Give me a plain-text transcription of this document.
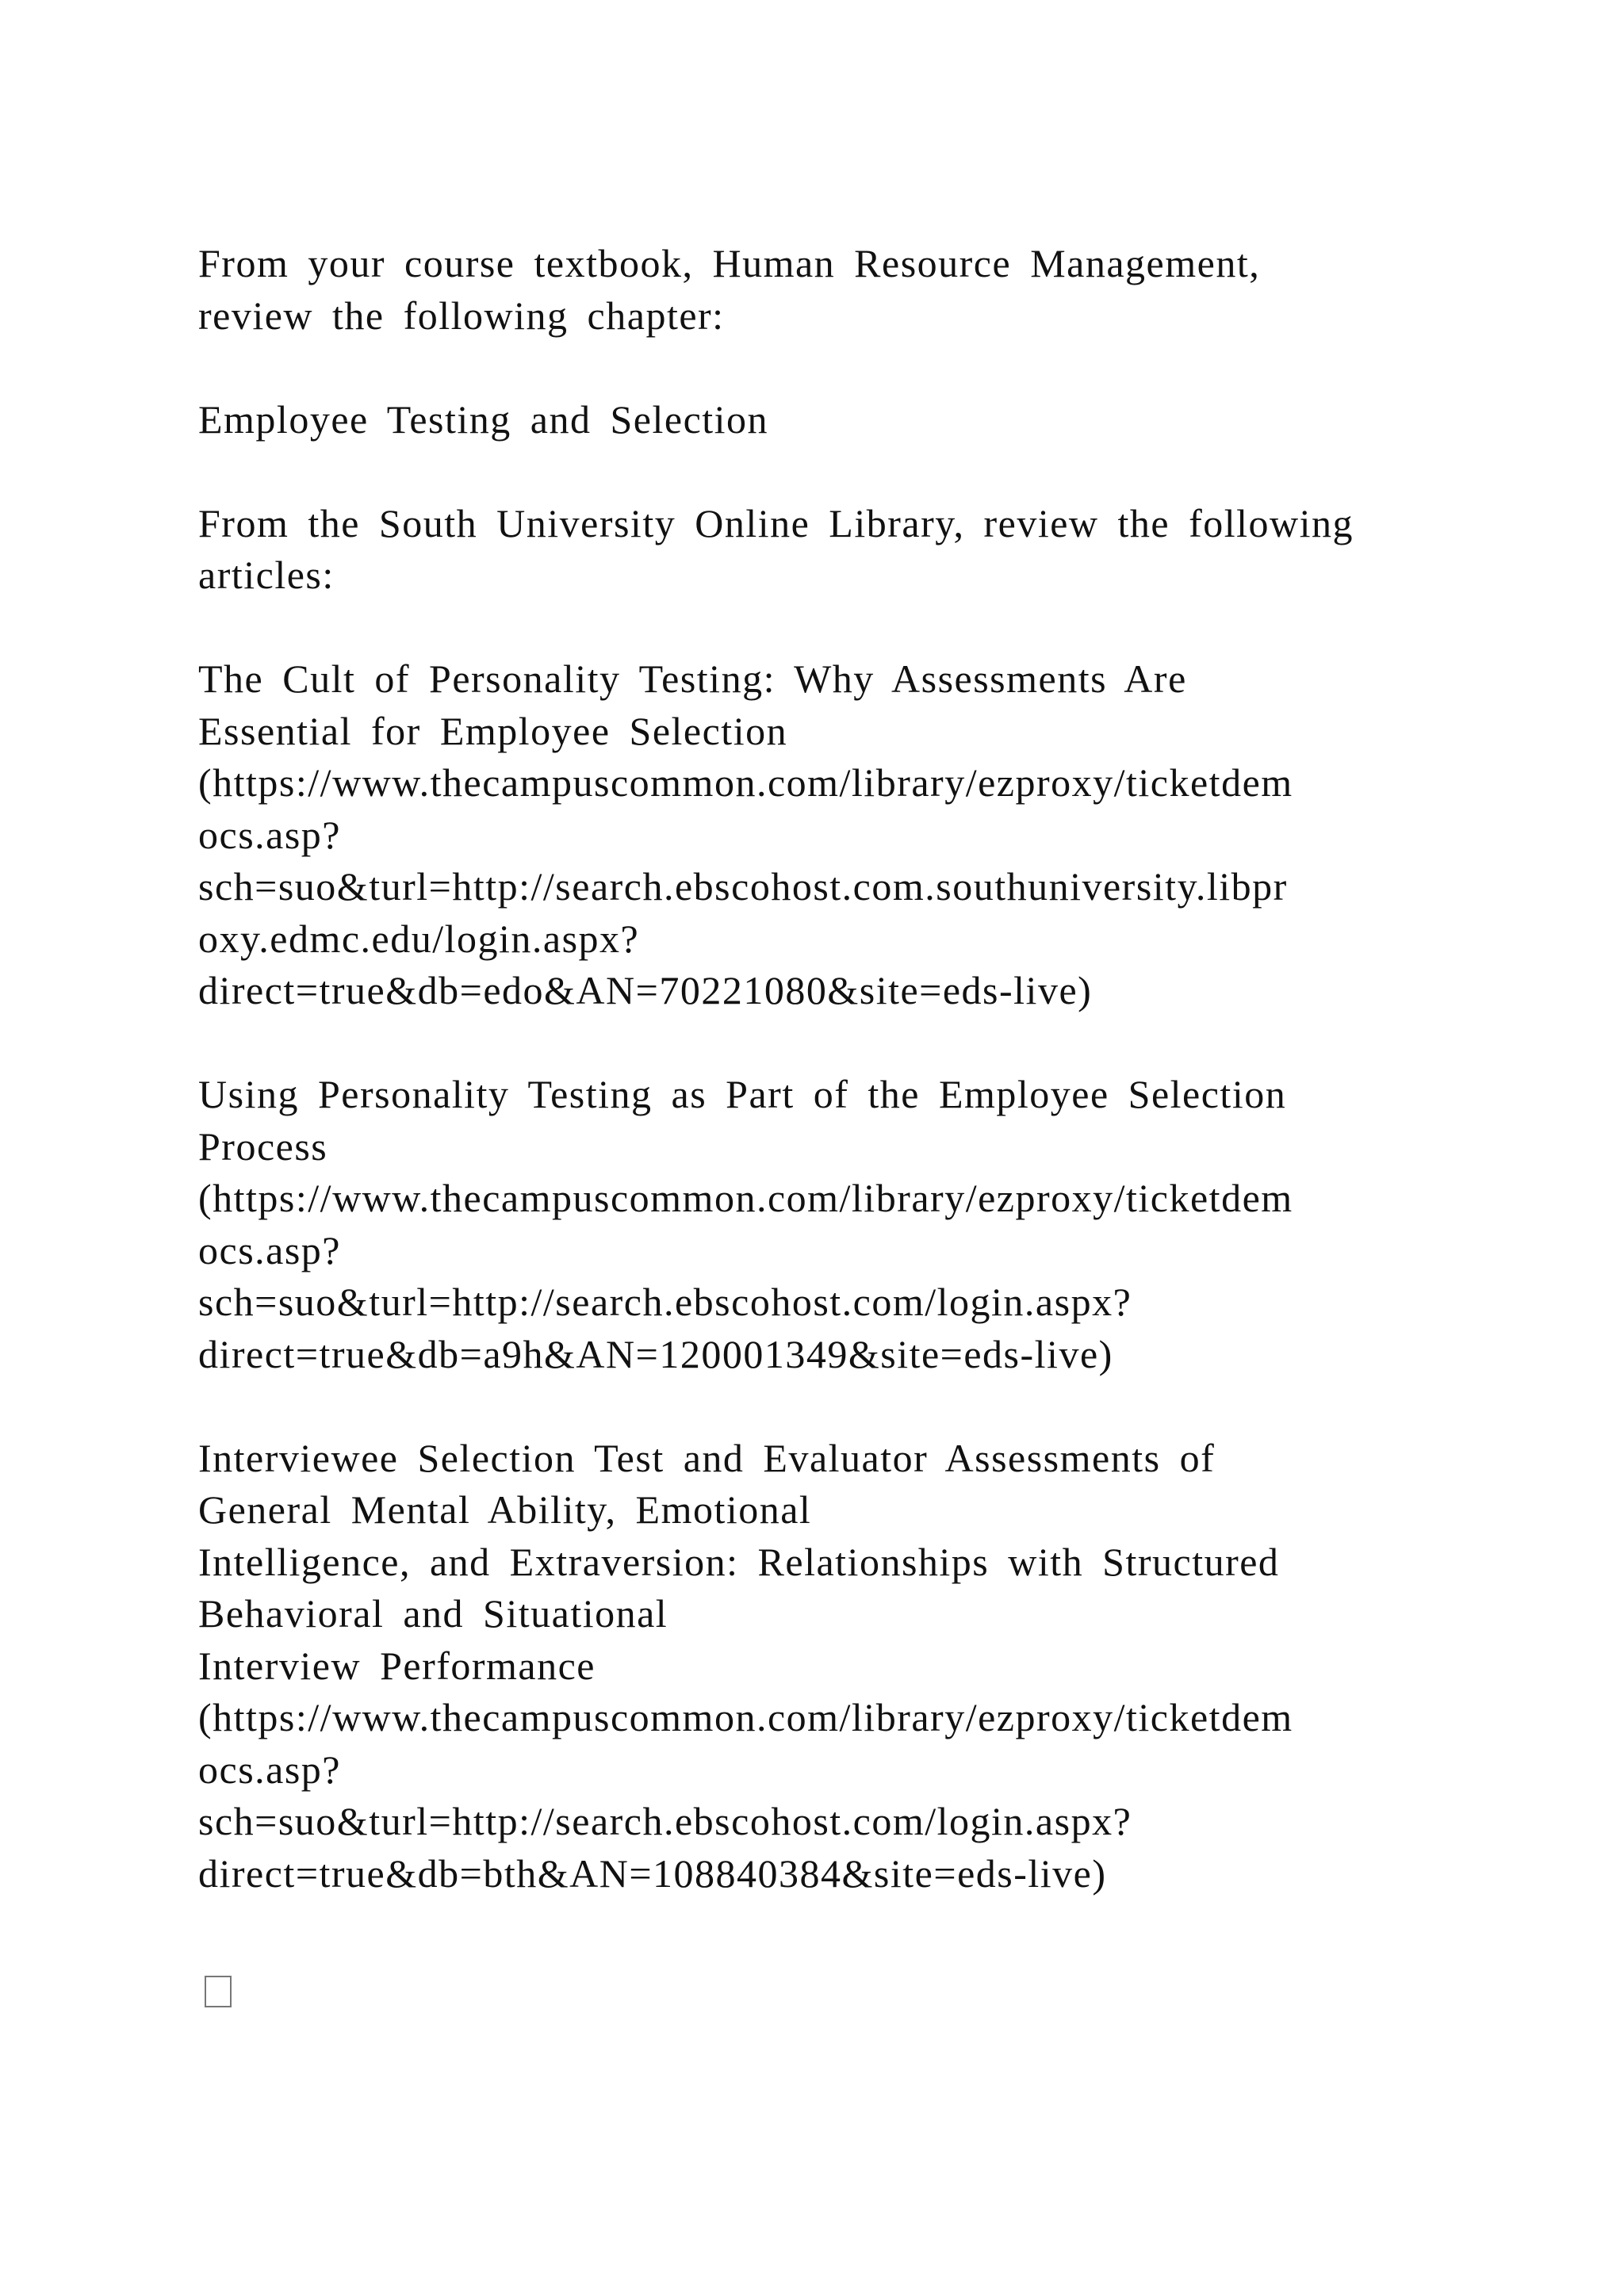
From your course textbook, Human Resource Management,
review the following chapter:
Employee Testing and Selection
From the South University Online Library, review the following
articles:
The Cult of Personality Testing: Why Assessments Are
Essential for Employee Selection
(https://www.thecampuscommon.com/library/ezproxy/ticketdem
ocs.asp?
sch=suo&turl=http://search.ebscohost.com.southuniversity.libpr
oxy.edmc.edu/login.aspx?
direct=true&db=edo&AN=70221080&site=eds-live)
Using Personality Testing as Part of the Employee Selection
Process
(https://www.thecampuscommon.com/library/ezproxy/ticketdem
ocs.asp?
sch=suo&turl=http://search.ebscohost.com/login.aspx?
direct=true&db=a9h&AN=120001349&site=eds-live)
Interviewee Selection Test and Evaluator Assessments of
General Mental Ability, Emotional
Intelligence, and Extraversion: Relationships with Structured
Behavioral and Situational
Interview Performance
(https://www.thecampuscommon.com/library/ezproxy/ticketdem
ocs.asp?
sch=suo&turl=http://search.ebscohost.com/login.aspx?
direct=true&db=bth&AN=108840384&site=eds-live)
